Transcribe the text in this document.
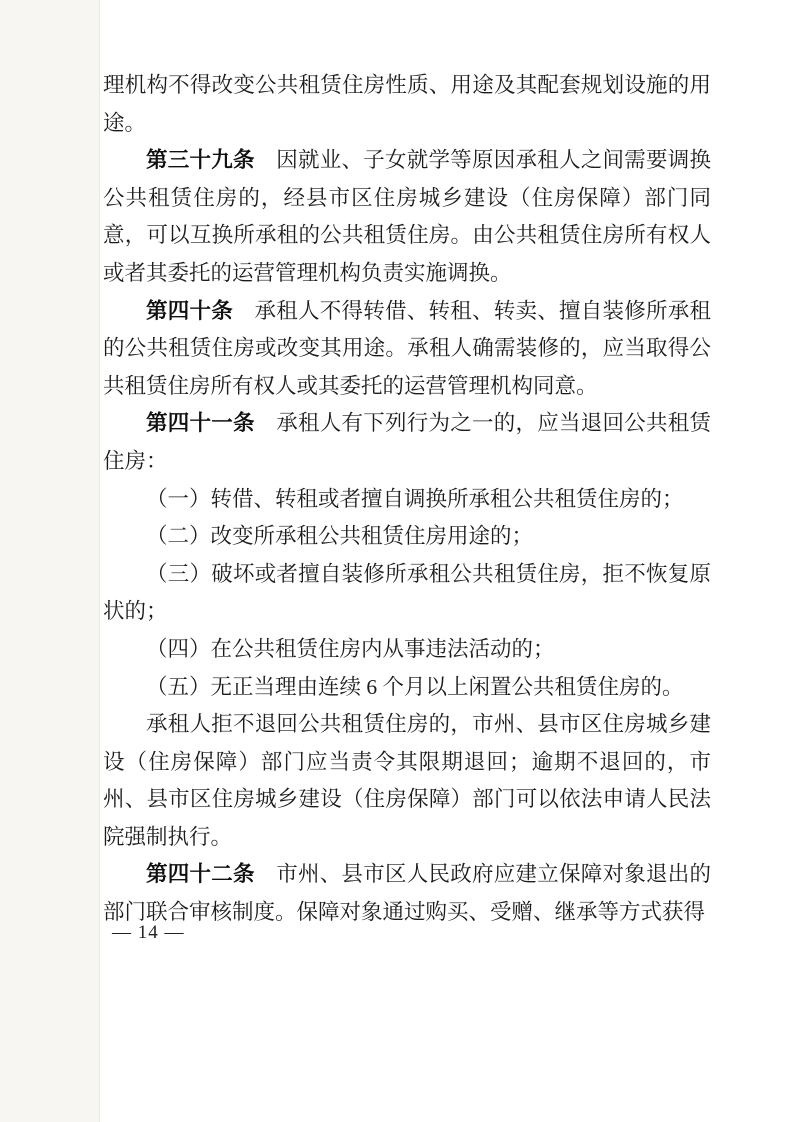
理机构不得改变公共租赁住房性质、用途及其配套规划设施的用途。

第三十九条 因就业、子女就学等原因承租人之间需要调换公共租赁住房的，经县市区住房城乡建设（住房保障）部门同意，可以互换所承租的公共租赁住房。由公共租赁住房所有权人或者其委托的运营管理机构负责实施调换。

第四十条 承租人不得转借、转租、转卖、擅自装修所承租的公共租赁住房或改变其用途。承租人确需装修的，应当取得公共租赁住房所有权人或其委托的运营管理机构同意。

第四十一条 承租人有下列行为之一的，应当退回公共租赁住房：

（一）转借、转租或者擅自调换所承租公共租赁住房的；

（二）改变所承租公共租赁住房用途的；

（三）破坏或者擅自装修所承租公共租赁住房，拒不恢复原状的；

（四）在公共租赁住房内从事违法活动的；

（五）无正当理由连续 6 个月以上闲置公共租赁住房的。

承租人拒不退回公共租赁住房的，市州、县市区住房城乡建设（住房保障）部门应当责令其限期退回；逾期不退回的，市州、县市区住房城乡建设（住房保障）部门可以依法申请人民法院强制执行。

第四十二条 市州、县市区人民政府应建立保障对象退出的部门联合审核制度。保障对象通过购买、受赠、继承等方式获得

— 14 —
